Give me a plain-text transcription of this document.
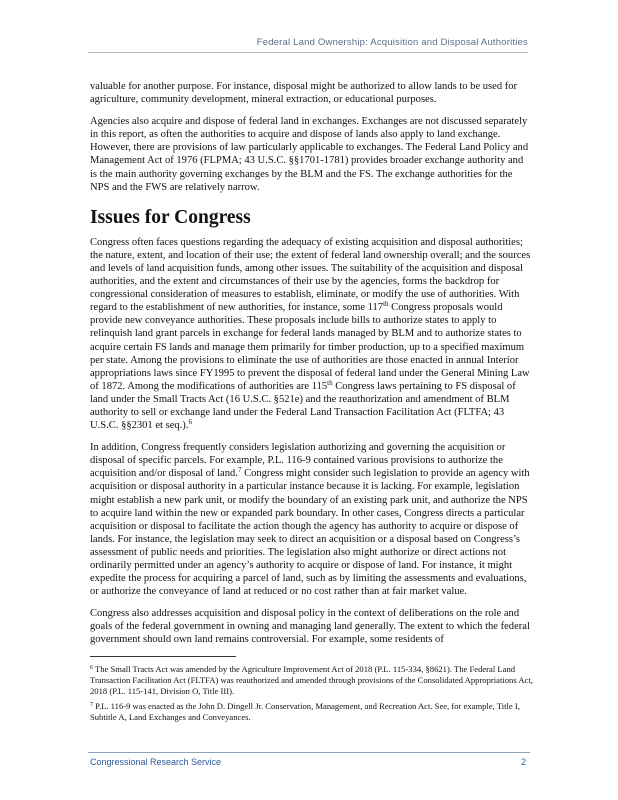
Federal Land Ownership: Acquisition and Disposal Authorities

valuable for another purpose. For instance, disposal might be authorized to allow lands to be used for agriculture, community development, mineral extraction, or educational purposes.

Agencies also acquire and dispose of federal land in exchanges. Exchanges are not discussed separately in this report, as often the authorities to acquire and dispose of lands also apply to land exchange. However, there are provisions of law particularly applicable to exchanges. The Federal Land Policy and Management Act of 1976 (FLPMA; 43 U.S.C. §§1701-1781) provides broader exchange authority and is the main authority governing exchanges by the BLM and the FS. The exchange authorities for the NPS and the FWS are relatively narrow.

Issues for Congress

Congress often faces questions regarding the adequacy of existing acquisition and disposal authorities; the nature, extent, and location of their use; the extent of federal land ownership overall; and the sources and levels of land acquisition funds, among other issues. The suitability of the acquisition and disposal authorities, and the extent and circumstances of their use by the agencies, forms the backdrop for congressional consideration of measures to establish, eliminate, or modify the use of authorities. With regard to the establishment of new authorities, for instance, some 117th Congress proposals would provide new conveyance authorities. These proposals include bills to authorize states to apply to relinquish land grant parcels in exchange for federal lands managed by BLM and to authorize states to acquire certain FS lands and manage them primarily for timber production, up to a specified maximum per state. Among the provisions to eliminate the use of authorities are those enacted in annual Interior appropriations laws since FY1995 to prevent the disposal of federal land under the General Mining Law of 1872. Among the modifications of authorities are 115th Congress laws pertaining to FS disposal of land under the Small Tracts Act (16 U.S.C. §521e) and the reauthorization and amendment of BLM authority to sell or exchange land under the Federal Land Transaction Facilitation Act (FLTFA; 43 U.S.C. §§2301 et seq.).$^6$

In addition, Congress frequently considers legislation authorizing and governing the acquisition or disposal of specific parcels. For example, P.L. 116-9 contained various provisions to authorize the acquisition and/or disposal of land.$^7$ Congress might consider such legislation to provide an agency with acquisition or disposal authority in a particular instance because it is lacking. For example, legislation might establish a new park unit, or modify the boundary of an existing park unit, and authorize the NPS to acquire land within the new or expanded park boundary. In other cases, Congress directs a particular acquisition or disposal to facilitate the action though the agency has authority to acquire or dispose of lands. For instance, the legislation may seek to direct an acquisition or a disposal based on Congress’s assessment of public needs and priorities. The legislation also might authorize or direct actions not ordinarily permitted under an agency’s authority to acquire or dispose of land. For instance, it might expedite the process for acquiring a parcel of land, such as by limiting the assessments and evaluations, or authorize the conveyance of land at reduced or no cost rather than at fair market value.

Congress also addresses acquisition and disposal policy in the context of deliberations on the role and goals of the federal government in owning and managing land generally. The extent to which the federal government should own land remains controversial. For example, some residents of

$^6$ The Small Tracts Act was amended by the Agriculture Improvement Act of 2018 (P.L. 115-334, §8621). The Federal Land Transaction Facilitation Act (FLTFA) was reauthorized and amended through provisions of the Consolidated Appropriations Act, 2018 (P.L. 115-141, Division O, Title III).

$^7$ P.L. 116-9 was enacted as the John D. Dingell Jr. Conservation, Management, and Recreation Act. See, for example, Title I, Subtitle A, Land Exchanges and Conveyances.

Congressional Research Service	2
